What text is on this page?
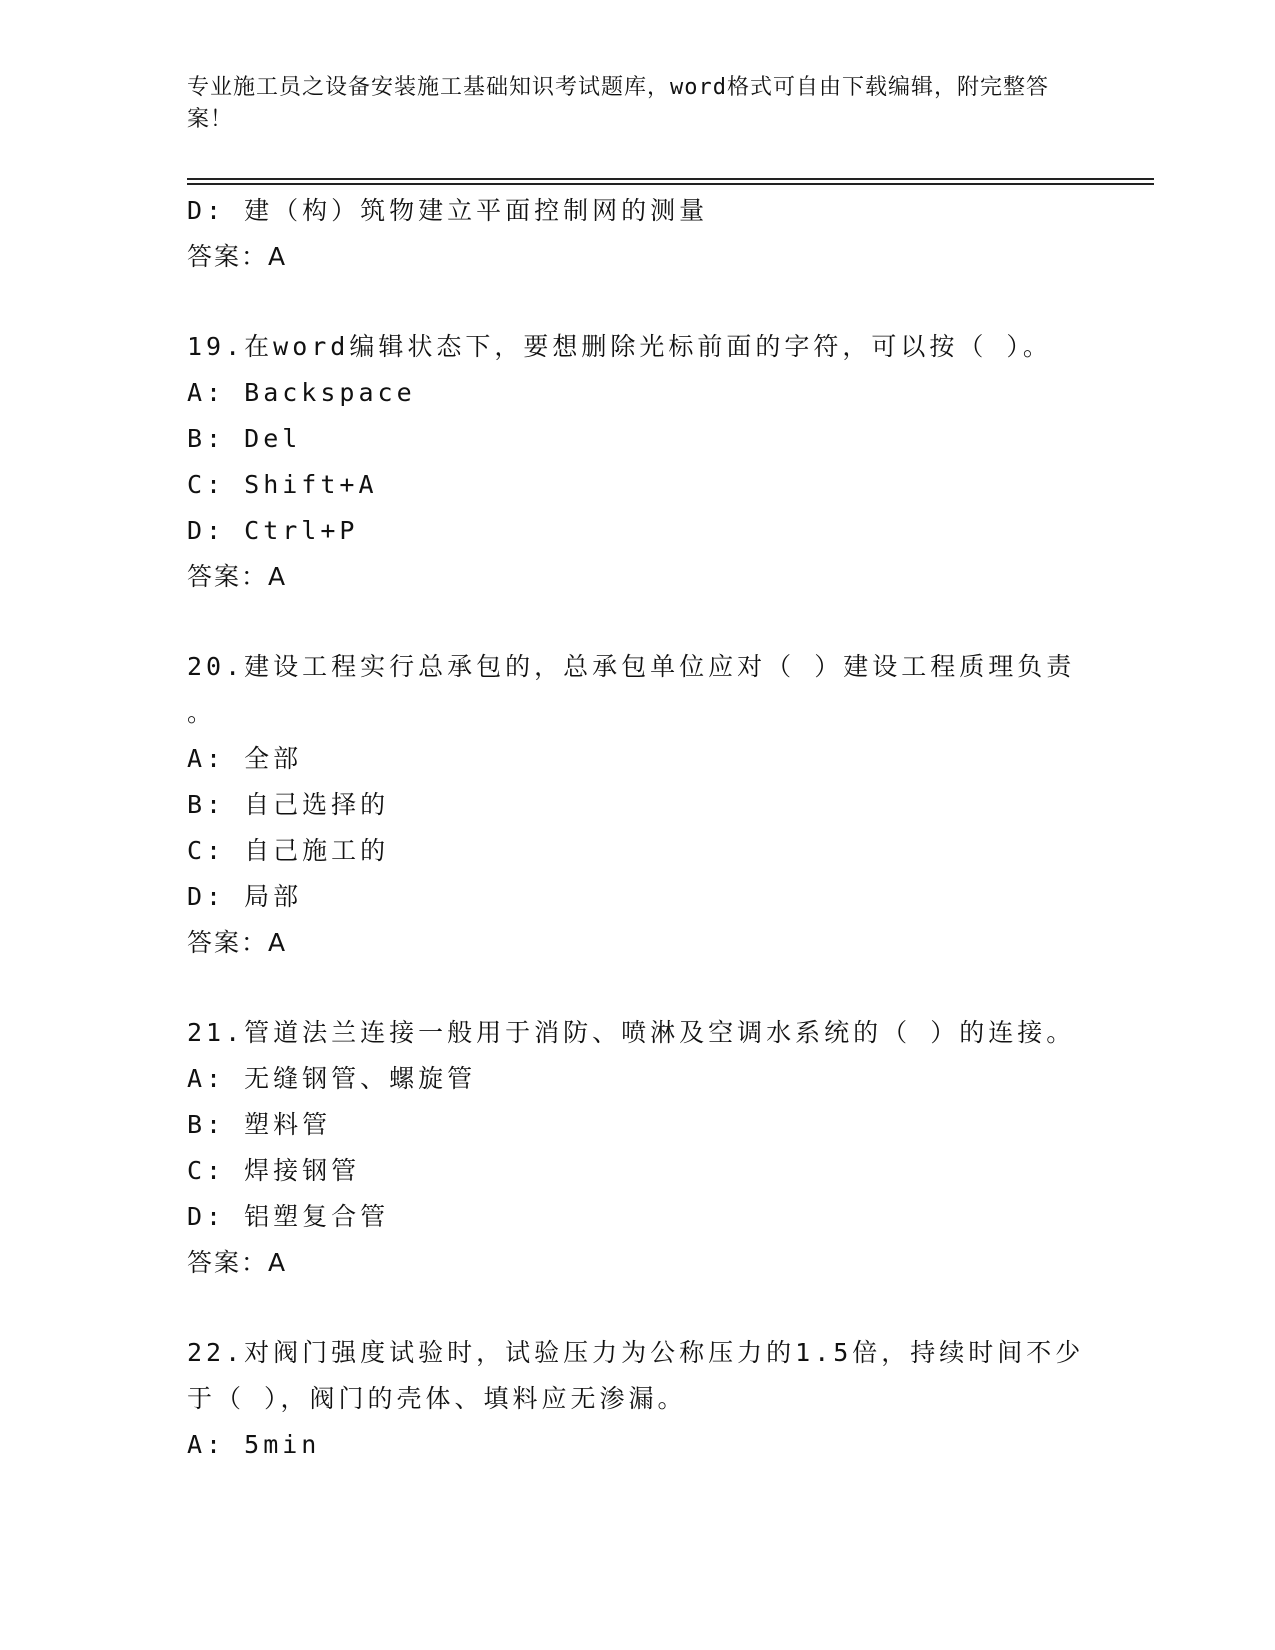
专业施工员之设备安装施工基础知识考试题库，word格式可自由下载编辑，附完整答案！
D: 建（构）筑物建立平面控制网的测量
答案：A
19.在word编辑状态下，要想删除光标前面的字符，可以按（ ）。
A: Backspace
B: Del
C: Shift+A
D: Ctrl+P
答案：A
20.建设工程实行总承包的，总承包单位应对（ ）建设工程质理负责
。
A: 全部
B: 自己选择的
C: 自己施工的
D: 局部
答案：A
21.管道法兰连接一般用于消防、喷淋及空调水系统的（ ）的连接。
A: 无缝钢管、螺旋管
B: 塑料管
C: 焊接钢管
D: 铝塑复合管
答案：A
22.对阀门强度试验时，试验压力为公称压力的1.5倍，持续时间不少
于（ ），阀门的壳体、填料应无渗漏。
A: 5min
